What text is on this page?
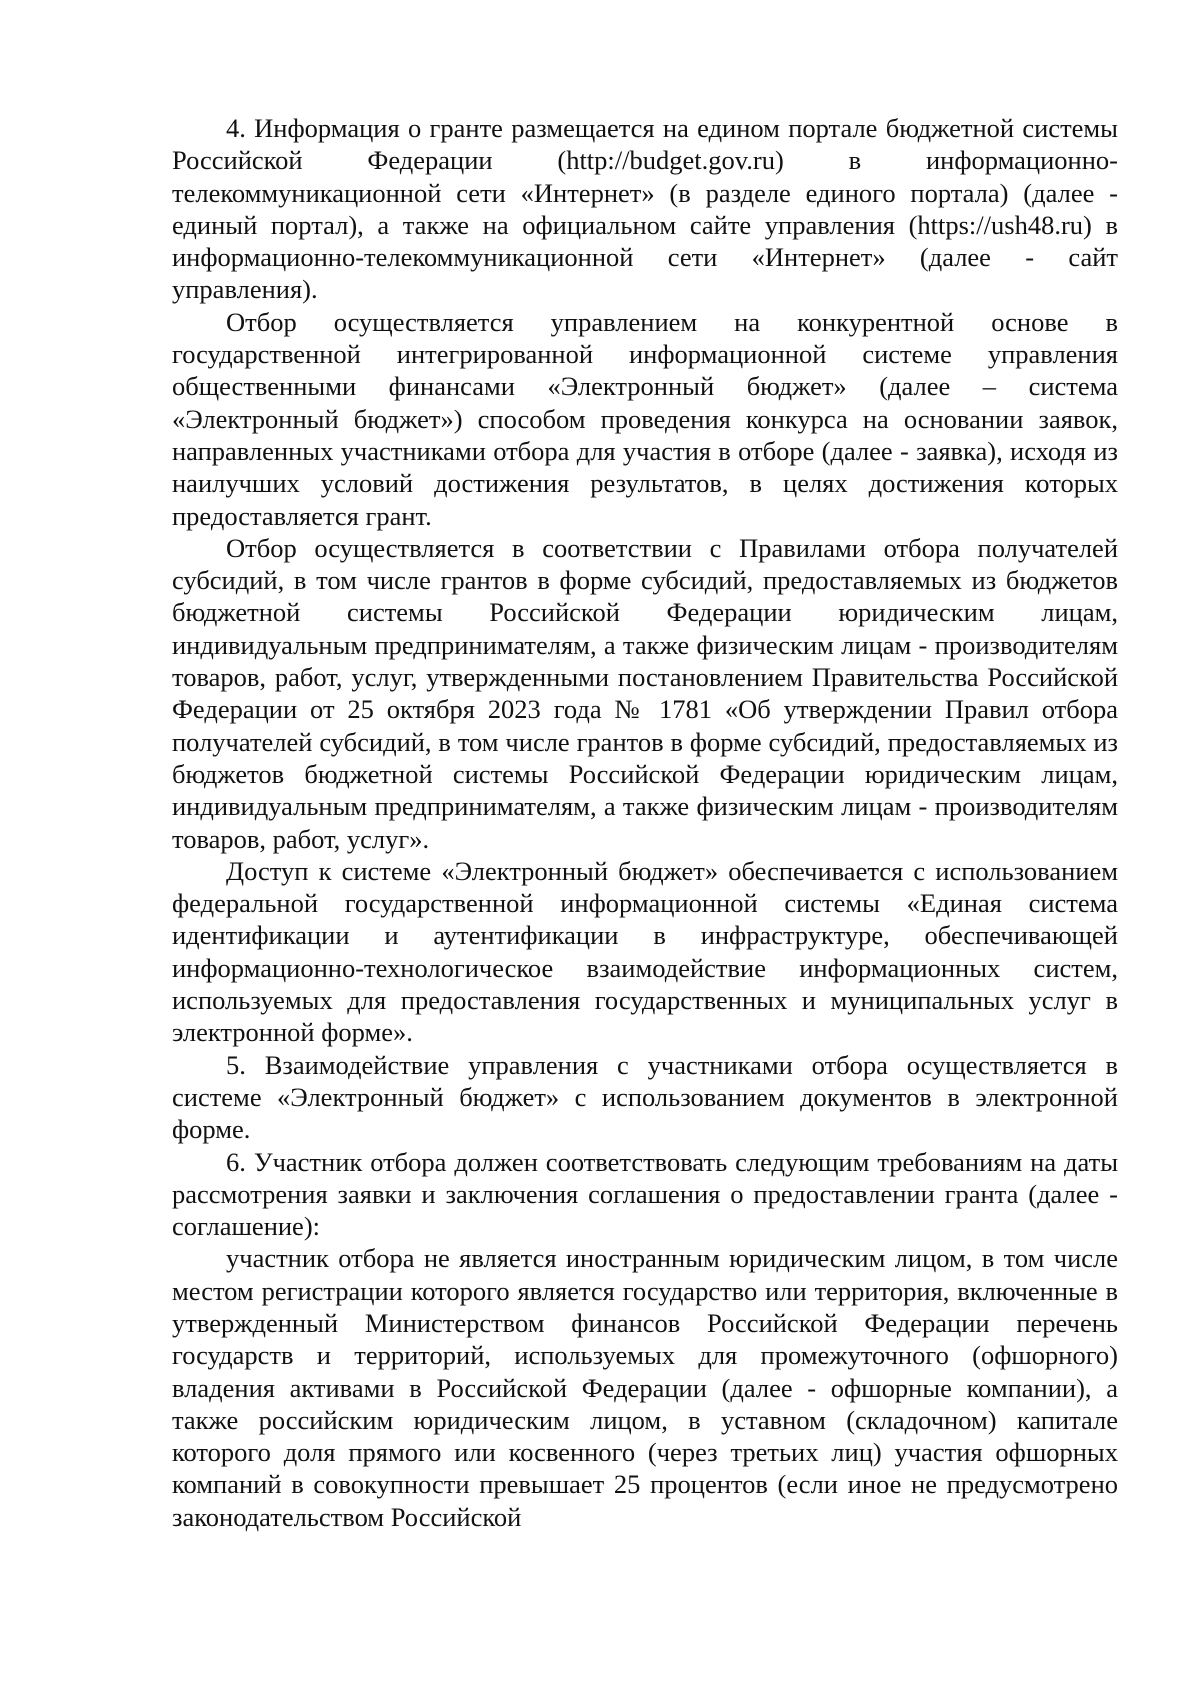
4. Информация о гранте размещается на едином портале бюджетной системы Российской Федерации (http://budget.gov.ru) в информационно-телекоммуникационной сети «Интернет» (в разделе единого портала) (далее - единый портал), а также на официальном сайте управления (https://ush48.ru) в информационно-телекоммуникационной сети «Интернет» (далее - сайт управления).

Отбор осуществляется управлением на конкурентной основе в государственной интегрированной информационной системе управления общественными финансами «Электронный бюджет» (далее – система «Электронный бюджет») способом проведения конкурса на основании заявок, направленных участниками отбора для участия в отборе (далее - заявка), исходя из наилучших условий достижения результатов, в целях достижения которых предоставляется грант.

Отбор осуществляется в соответствии с Правилами отбора получателей субсидий, в том числе грантов в форме субсидий, предоставляемых из бюджетов бюджетной системы Российской Федерации юридическим лицам, индивидуальным предпринимателям, а также физическим лицам - производителям товаров, работ, услуг, утвержденными постановлением Правительства Российской Федерации от 25 октября 2023 года № 1781 «Об утверждении Правил отбора получателей субсидий, в том числе грантов в форме субсидий, предоставляемых из бюджетов бюджетной системы Российской Федерации юридическим лицам, индивидуальным предпринимателям, а также физическим лицам - производителям товаров, работ, услуг».

Доступ к системе «Электронный бюджет» обеспечивается с использованием федеральной государственной информационной системы «Единая система идентификации и аутентификации в инфраструктуре, обеспечивающей информационно-технологическое взаимодействие информационных систем, используемых для предоставления государственных и муниципальных услуг в электронной форме».

5. Взаимодействие управления с участниками отбора осуществляется в системе «Электронный бюджет» с использованием документов в электронной форме.

6. Участник отбора должен соответствовать следующим требованиям на даты рассмотрения заявки и заключения соглашения о предоставлении гранта (далее - соглашение):

участник отбора не является иностранным юридическим лицом, в том числе местом регистрации которого является государство или территория, включенные в утвержденный Министерством финансов Российской Федерации перечень государств и территорий, используемых для промежуточного (офшорного) владения активами в Российской Федерации (далее - офшорные компании), а также российским юридическим лицом, в уставном (складочном) капитале которого доля прямого или косвенного (через третьих лиц) участия офшорных компаний в совокупности превышает 25 процентов (если иное не предусмотрено законодательством Российской
